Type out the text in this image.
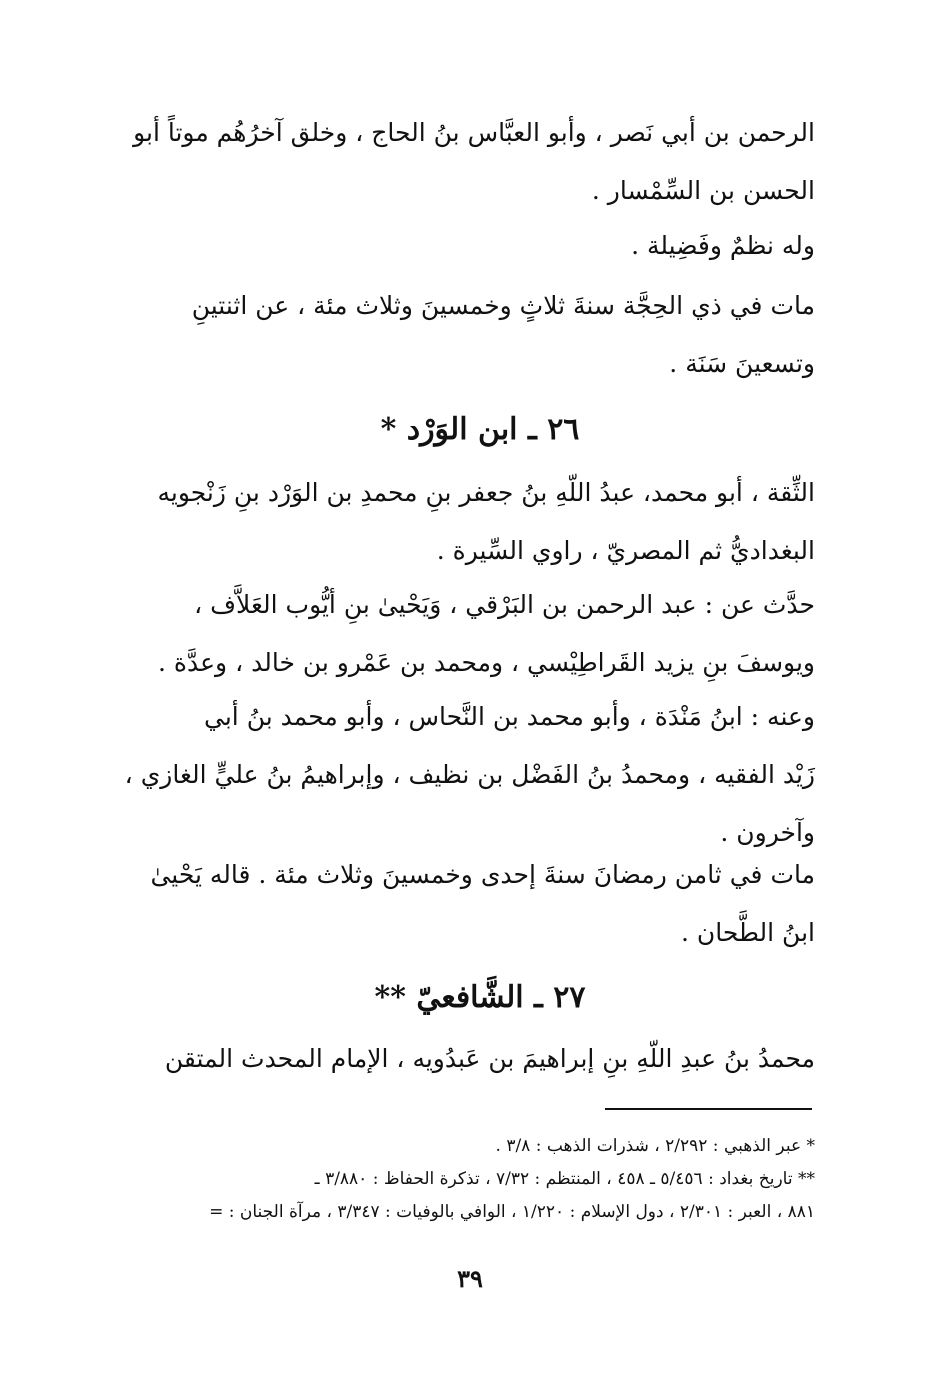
الرحمن بن أبي نَصر ، وأبو العبَّاس بنُ الحاج ، وخلق آخرُهُم موتاً أبو
الحسن بن السِّمْسار .

وله نظمٌ وفَضِيلة .

مات في ذي الحِجَّة سنةَ ثلاثٍ وخمسينَ وثلاث مئة ، عن اثنتينِ
وتسعينَ سَنَة .

٢٦ ـ ابن الوَرْد *

الثِّقة ، أبو محمد، عبدُ اللّهِ بنُ جعفر بنِ محمدِ بن الوَرْد بنِ زَنْجويه
البغداديُّ ثم المصريّ ، راوي السِّيرة .

حدَّث عن : عبد الرحمن بن البَرْقي ، وَيَحْيىٰ بنِ أيُّوب العَلاَّف ،
ويوسفَ بنِ يزيد القَراطِيْسي ، ومحمد بن عَمْرو بن خالد ، وعدَّة .

وعنه : ابنُ مَنْدَة ، وأبو محمد بن النَّحاس ، وأبو محمد بنُ أبي
زَيْد الفقيه ، ومحمدُ بنُ الفَضْل بن نظيف ، وإبراهيمُ بنُ عليٍّ الغازي ،
وآخرون .

مات في ثامن رمضانَ سنةَ إحدى وخمسينَ وثلاث مئة . قاله يَحْيىٰ
ابنُ الطَّحان .

٢٧ ـ الشَّافعيّ **

محمدُ بنُ عبدِ اللّهِ بنِ إبراهيمَ بن عَبدُويه ، الإمام المحدث المتقن

* عبر الذهبي : ٢/٢٩٢ ، شذرات الذهب : ٣/٨ .
** تاريخ بغداد : ٥/٤٥٦ ـ ٤٥٨ ، المنتظم : ٧/٣٢ ، تذكرة الحفاظ : ٣/٨٨٠ ـ
٨٨١ ، العبر : ٢/٣٠١ ، دول الإسلام : ١/٢٢٠ ، الوافي بالوفيات : ٣/٣٤٧ ، مرآة الجنان : =
٣٩
